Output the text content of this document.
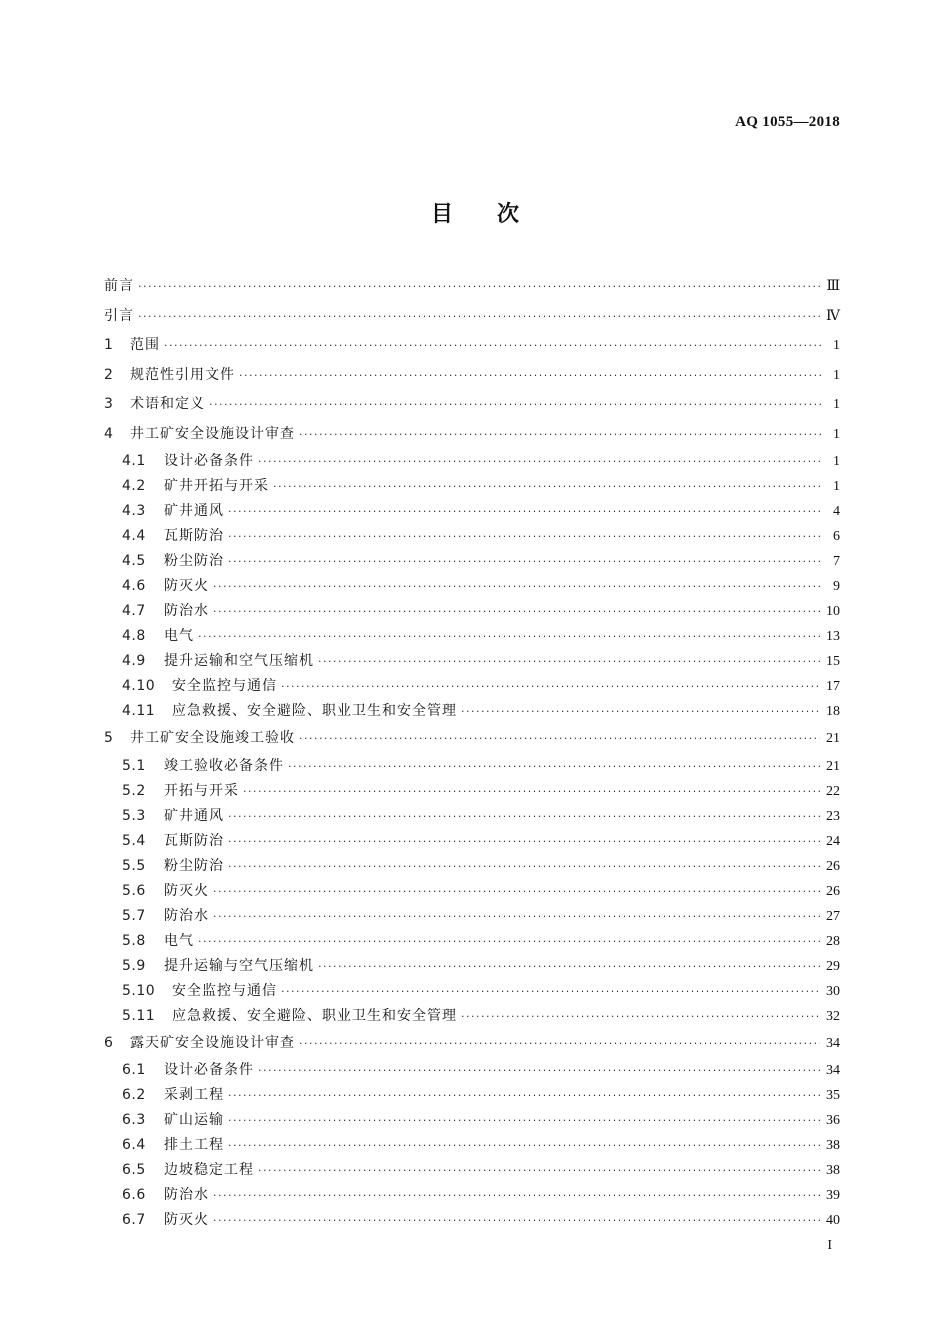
AQ 1055—2018
目 次
前言 ·····	Ⅲ
引言 ·····	Ⅳ
1	范围 ·····	1
2	规范性引用文件 ·····	1
3	术语和定义 ·····	1
4	井工矿安全设施设计审查 ·····	1
4.1	设计必备条件 ·····	1
4.2	矿井开拓与开采 ·····	1
4.3	矿井通风 ·····	4
4.4	瓦斯防治 ·····	6
4.5	粉尘防治 ·····	7
4.6	防灭火 ·····	9
4.7	防治水 ·····	10
4.8	电气 ·····	13
4.9	提升运输和空气压缩机 ·····	15
4.10	安全监控与通信 ·····	17
4.11	应急救援、安全避险、职业卫生和安全管理 ·····	18
5	井工矿安全设施竣工验收 ·····	21
5.1	竣工验收必备条件 ·····	21
5.2	开拓与开采 ·····	22
5.3	矿井通风 ·····	23
5.4	瓦斯防治 ·····	24
5.5	粉尘防治 ·····	26
5.6	防灭火 ·····	26
5.7	防治水 ·····	27
5.8	电气 ·····	28
5.9	提升运输与空气压缩机 ·····	29
5.10	安全监控与通信 ·····	30
5.11	应急救援、安全避险、职业卫生和安全管理 ·····	32
6	露天矿安全设施设计审查 ·····	34
6.1	设计必备条件 ·····	34
6.2	采剥工程 ·····	35
6.3	矿山运输 ·····	36
6.4	排土工程 ·····	38
6.5	边坡稳定工程 ·····	38
6.6	防治水 ·····	39
6.7	防灭火 ·····	40
I
